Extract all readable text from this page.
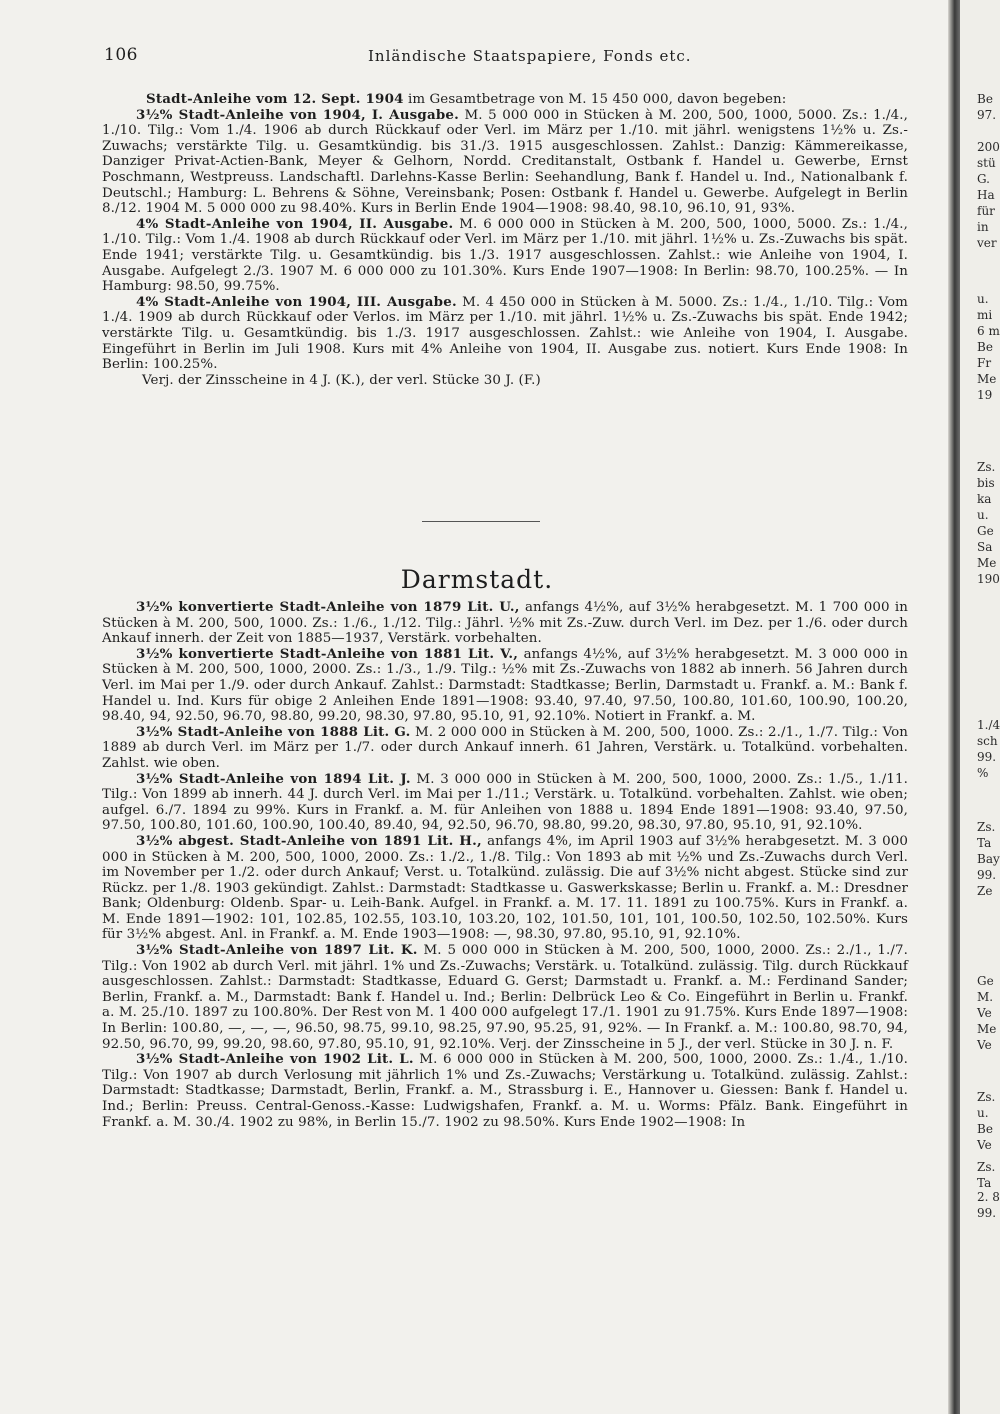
106	Inländische Staatspapiere, Fonds etc.

Stadt-Anleihe vom 12. Sept. 1904 im Gesamtbetrage von M. 15 450 000, davon begeben:

3½% Stadt-Anleihe von 1904, I. Ausgabe. M. 5 000 000 in Stücken à M. 200, 500, 1000, 5000. Zs.: 1./4., 1./10. Tilg.: Vom 1./4. 1906 ab durch Rückkauf oder Verl. im März per 1./10. mit jährl. wenigstens 1½% u. Zs.-Zuwachs; verstärkte Tilg. u. Gesamtkündig. bis 31./3. 1915 ausgeschlossen. Zahlst.: Danzig: Kämmereikasse, Danziger Privat-Actien-Bank, Meyer & Gelhorn, Nordd. Creditanstalt, Ostbank f. Handel u. Gewerbe, Ernst Poschmann, Westpreuss. Landschaftl. Darlehns-Kasse Berlin: Seehandlung, Bank f. Handel u. Ind., Nationalbank f. Deutschl.; Hamburg: L. Behrens & Söhne, Vereinsbank; Posen: Ostbank f. Handel u. Gewerbe. Aufgelegt in Berlin 8./12. 1904 M. 5 000 000 zu 98.40%. Kurs in Berlin Ende 1904—1908: 98.40, 98.10, 96.10, 91, 93%.

4% Stadt-Anleihe von 1904, II. Ausgabe. M. 6 000 000 in Stücken à M. 200, 500, 1000, 5000. Zs.: 1./4., 1./10. Tilg.: Vom 1./4. 1908 ab durch Rückkauf oder Verl. im März per 1./10. mit jährl. 1½% u. Zs.-Zuwachs bis spät. Ende 1941; verstärkte Tilg. u. Gesamtkündig. bis 1./3. 1917 ausgeschlossen. Zahlst.: wie Anleihe von 1904, I. Ausgabe. Aufgelegt 2./3. 1907 M. 6 000 000 zu 101.30%. Kurs Ende 1907—1908: In Berlin: 98.70, 100.25%. — In Hamburg: 98.50, 99.75%.

4% Stadt-Anleihe von 1904, III. Ausgabe. M. 4 450 000 in Stücken à M. 5000. Zs.: 1./4., 1./10. Tilg.: Vom 1./4. 1909 ab durch Rückkauf oder Verlos. im März per 1./10. mit jährl. 1½% u. Zs.-Zuwachs bis spät. Ende 1942; verstärkte Tilg. u. Gesamtkündig. bis 1./3. 1917 ausgeschlossen. Zahlst.: wie Anleihe von 1904, I. Ausgabe. Eingeführt in Berlin im Juli 1908. Kurs mit 4% Anleihe von 1904, II. Ausgabe zus. notiert. Kurs Ende 1908: In Berlin: 100.25%.

Verj. der Zinsscheine in 4 J. (K.), der verl. Stücke 30 J. (F.)

Darmstadt.

3½% konvertierte Stadt-Anleihe von 1879 Lit. U., anfangs 4½%, auf 3½% herabgesetzt. M. 1 700 000 in Stücken à M. 200, 500, 1000. Zs.: 1./6., 1./12. Tilg.: Jährl. ½% mit Zs.-Zuw. durch Verl. im Dez. per 1./6. oder durch Ankauf innerh. der Zeit von 1885—1937, Verstärk. vorbehalten.

3½% konvertierte Stadt-Anleihe von 1881 Lit. V., anfangs 4½%, auf 3½% herabgesetzt. M. 3 000 000 in Stücken à M. 200, 500, 1000, 2000. Zs.: 1./3., 1./9. Tilg.: ½% mit Zs.-Zuwachs von 1882 ab innerh. 56 Jahren durch Verl. im Mai per 1./9. oder durch Ankauf. Zahlst.: Darmstadt: Stadtkasse; Berlin, Darmstadt u. Frankf. a. M.: Bank f. Handel u. Ind. Kurs für obige 2 Anleihen Ende 1891—1908: 93.40, 97.40, 97.50, 100.80, 101.60, 100.90, 100.20, 98.40, 94, 92.50, 96.70, 98.80, 99.20, 98.30, 97.80, 95.10, 91, 92.10%. Notiert in Frankf. a. M.

3½% Stadt-Anleihe von 1888 Lit. G. M. 2 000 000 in Stücken à M. 200, 500, 1000. Zs.: 2./1., 1./7. Tilg.: Von 1889 ab durch Verl. im März per 1./7. oder durch Ankauf innerh. 61 Jahren, Verstärk. u. Totalkünd. vorbehalten. Zahlst. wie oben.

3½% Stadt-Anleihe von 1894 Lit. J. M. 3 000 000 in Stücken à M. 200, 500, 1000, 2000. Zs.: 1./5., 1./11. Tilg.: Von 1899 ab innerh. 44 J. durch Verl. im Mai per 1./11.; Verstärk. u. Totalkünd. vorbehalten. Zahlst. wie oben; aufgel. 6./7. 1894 zu 99%. Kurs in Frankf. a. M. für Anleihen von 1888 u. 1894 Ende 1891—1908: 93.40, 97.50, 97.50, 100.80, 101.60, 100.90, 100.40, 89.40, 94, 92.50, 96.70, 98.80, 99.20, 98.30, 97.80, 95.10, 91, 92.10%.

3½% abgest. Stadt-Anleihe von 1891 Lit. H., anfangs 4%, im April 1903 auf 3½% herabgesetzt. M. 3 000 000 in Stücken à M. 200, 500, 1000, 2000. Zs.: 1./2., 1./8. Tilg.: Von 1893 ab mit ½% und Zs.-Zuwachs durch Verl. im November per 1./2. oder durch Ankauf; Verst. u. Totalkünd. zulässig. Die auf 3½% nicht abgest. Stücke sind zur Rückz. per 1./8. 1903 gekündigt. Zahlst.: Darmstadt: Stadtkasse u. Gaswerkskasse; Berlin u. Frankf. a. M.: Dresdner Bank; Oldenburg: Oldenb. Spar- u. Leih-Bank. Aufgel. in Frankf. a. M. 17. 11. 1891 zu 100.75%. Kurs in Frankf. a. M. Ende 1891—1902: 101, 102.85, 102.55, 103.10, 103.20, 102, 101.50, 101, 101, 100.50, 102.50, 102.50%. Kurs für 3½% abgest. Anl. in Frankf. a. M. Ende 1903—1908: —, 98.30, 97.80, 95.10, 91, 92.10%.

3½% Stadt-Anleihe von 1897 Lit. K. M. 5 000 000 in Stücken à M. 200, 500, 1000, 2000. Zs.: 2./1., 1./7. Tilg.: Von 1902 ab durch Verl. mit jährl. 1% und Zs.-Zuwachs; Verstärk. u. Totalkünd. zulässig. Tilg. durch Rückkauf ausgeschlossen. Zahlst.: Darmstadt: Stadtkasse, Eduard G. Gerst; Darmstadt u. Frankf. a. M.: Ferdinand Sander; Berlin, Frankf. a. M., Darmstadt: Bank f. Handel u. Ind.; Berlin: Delbrück Leo & Co. Eingeführt in Berlin u. Frankf. a. M. 25./10. 1897 zu 100.80%. Der Rest von M. 1 400 000 aufgelegt 17./1. 1901 zu 91.75%. Kurs Ende 1897—1908: In Berlin: 100.80, —, —, —, 96.50, 98.75, 99.10, 98.25, 97.90, 95.25, 91, 92%. — In Frankf. a. M.: 100.80, 98.70, 94, 92.50, 96.70, 99, 99.20, 98.60, 97.80, 95.10, 91, 92.10%. Verj. der Zinsscheine in 5 J., der verl. Stücke in 30 J. n. F.

3½% Stadt-Anleihe von 1902 Lit. L. M. 6 000 000 in Stücken à M. 200, 500, 1000, 2000. Zs.: 1./4., 1./10. Tilg.: Von 1907 ab durch Verlosung mit jährlich 1% und Zs.-Zuwachs; Verstärkung u. Totalkünd. zulässig. Zahlst.: Darmstadt: Stadtkasse; Darmstadt, Berlin, Frankf. a. M., Strassburg i. E., Hannover u. Giessen: Bank f. Handel u. Ind.; Berlin: Preuss. Central-Genoss.-Kasse: Ludwigshafen, Frankf. a. M. u. Worms: Pfälz. Bank. Eingeführt in Frankf. a. M. 30./4. 1902 zu 98%, in Berlin 15./7. 1902 zu 98.50%. Kurs Ende 1902—1908: In

Be
97.
200
stü
G.
Ha
für
in
ver
u.
mi
6 m
Be
Fr
Me
19
Zs.
bis
ka
u.
Ge
Sa
Me
190
1./4
sch
99.
%
Zs.
Ta
Bay
99.
Ze
Ge
M.
Ve
Me
Ve
Zs.
u.
Be
Ve
Zs.
Ta
2. 8
99.
